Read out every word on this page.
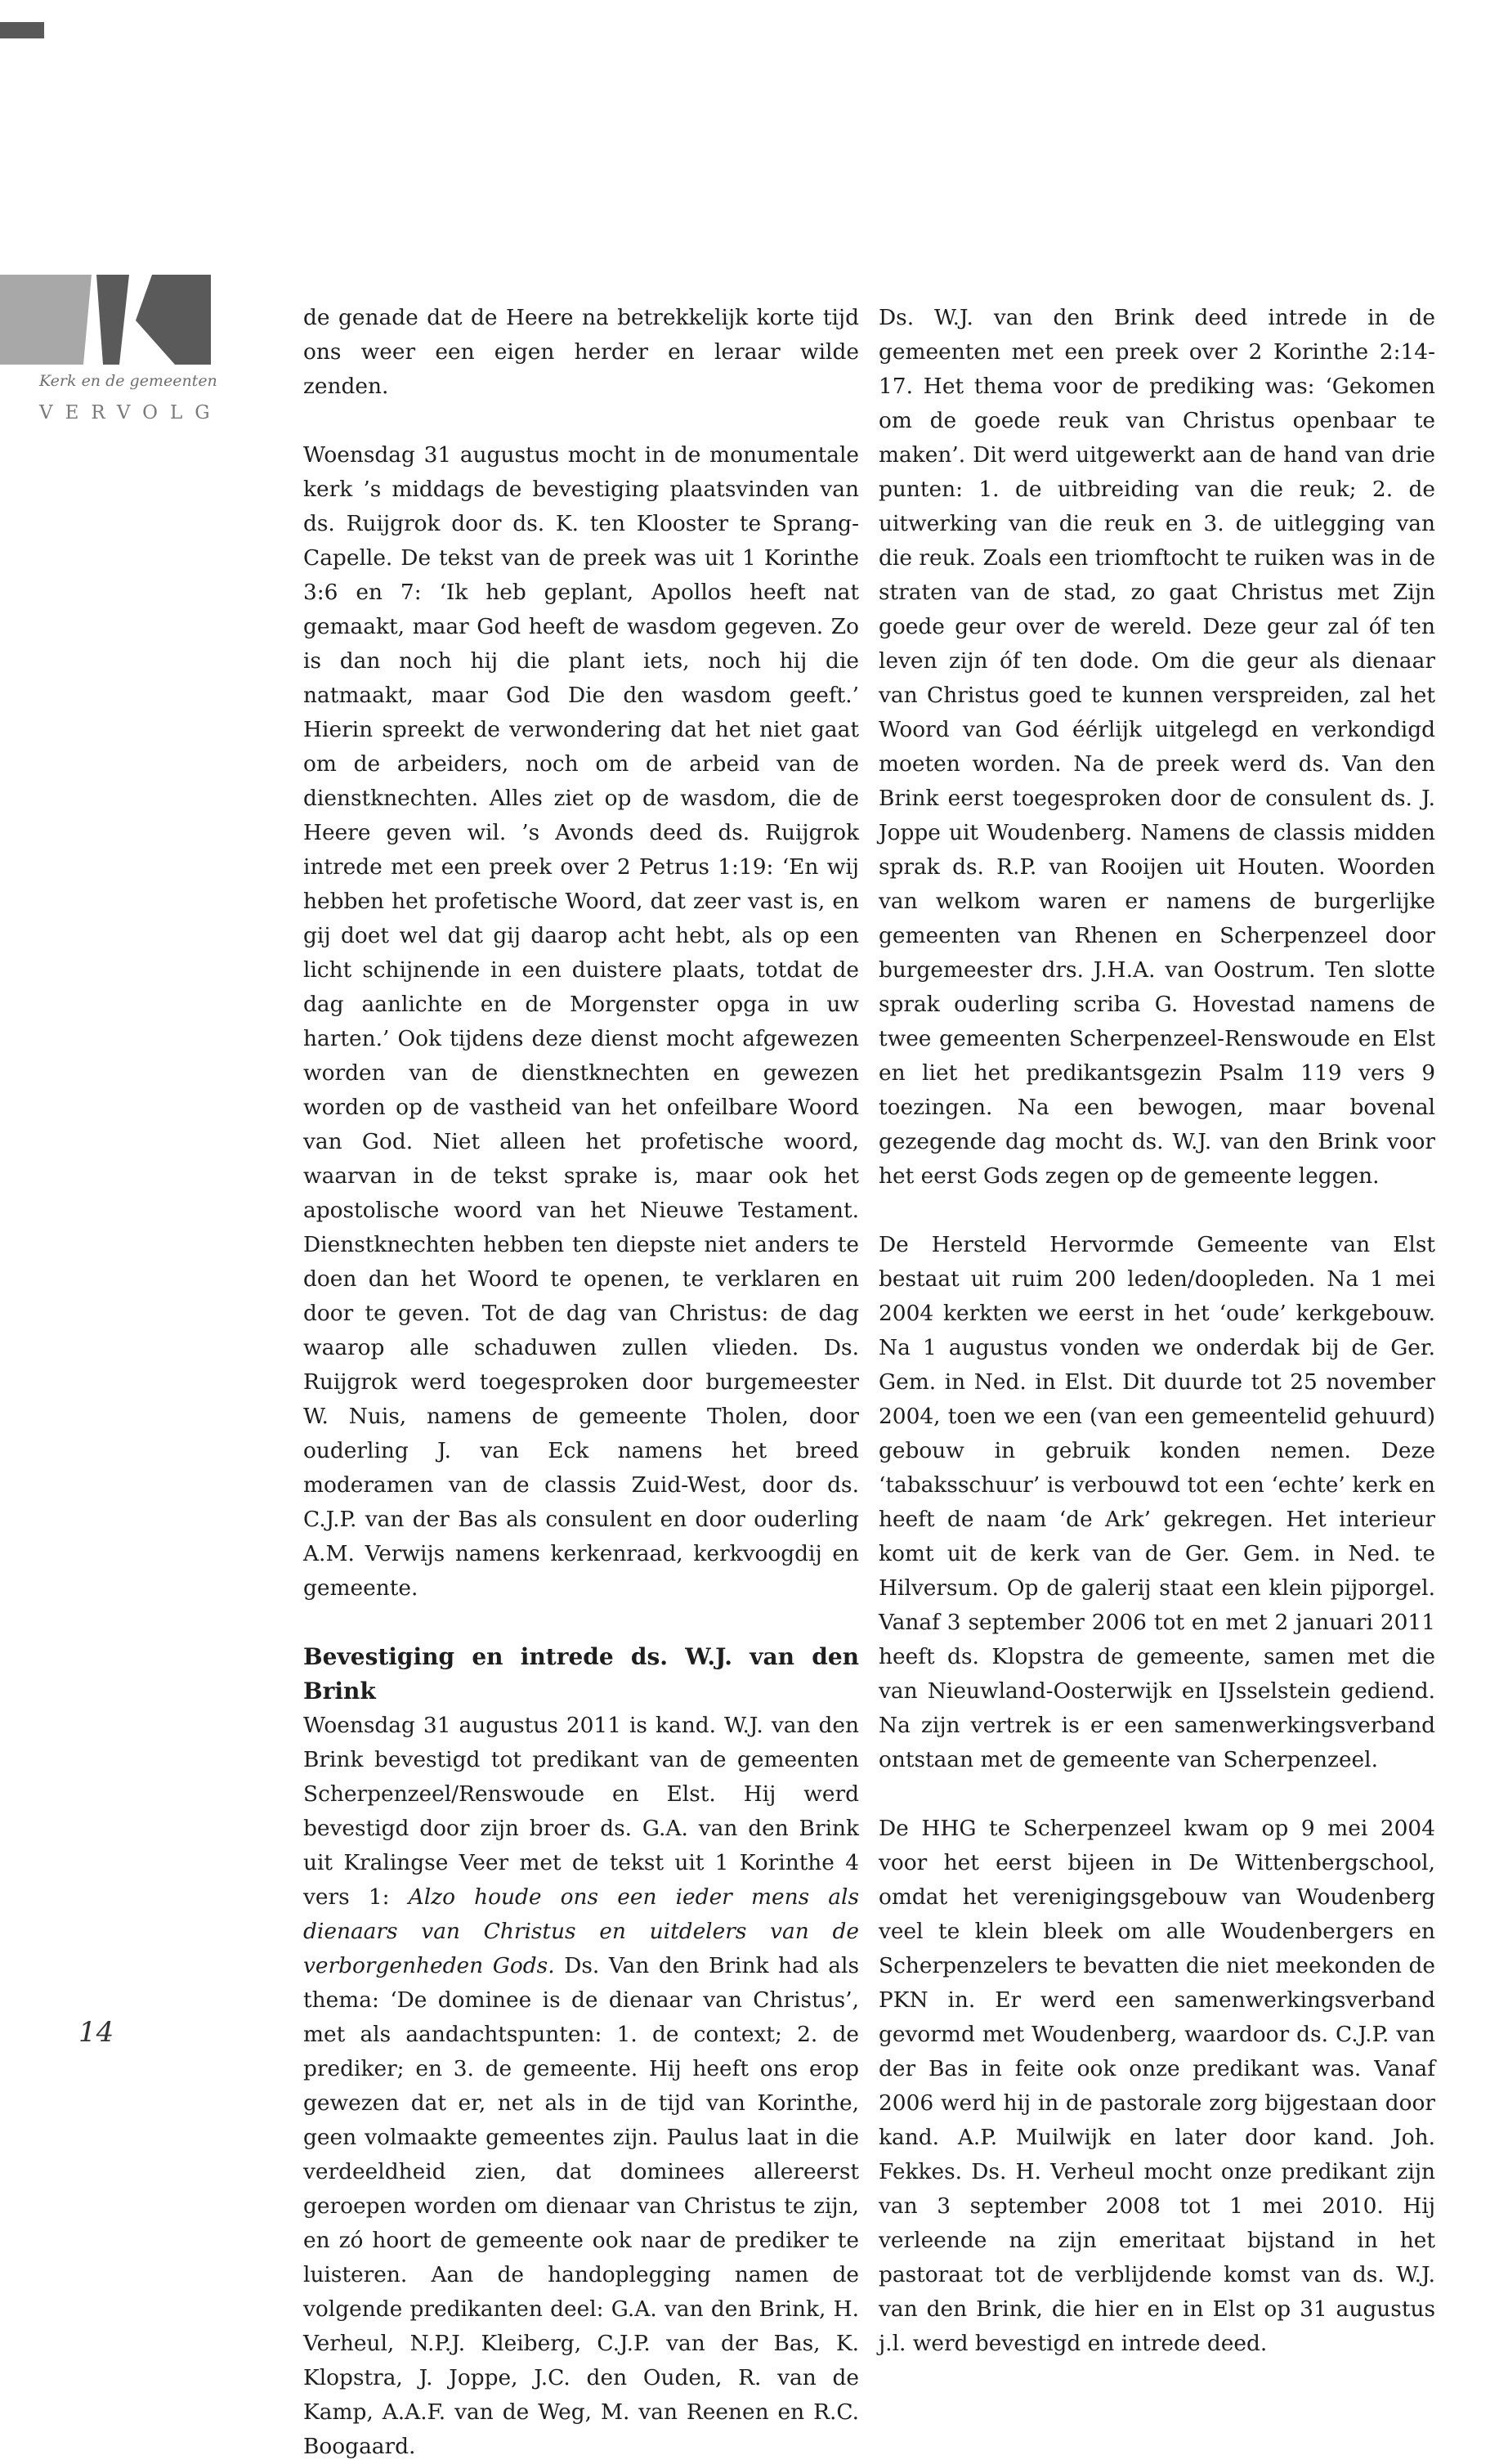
Kerk en de gemeenten
VERVOLG

de genade dat de Heere na betrekkelijk korte tijd ons weer een eigen herder en leraar wilde zenden.

Woensdag 31 augustus mocht in de monumentale kerk ’s middags de bevestiging plaatsvinden van ds. Ruijgrok door ds. K. ten Klooster te Sprang-Capelle. De tekst van de preek was uit 1 Korinthe 3:6 en 7: ‘Ik heb geplant, Apollos heeft nat gemaakt, maar God heeft de wasdom gegeven. Zo is dan noch hij die plant iets, noch hij die natmaakt, maar God Die den wasdom geeft.’ Hierin spreekt de verwondering dat het niet gaat om de arbeiders, noch om de arbeid van de dienstknechten. Alles ziet op de wasdom, die de Heere geven wil. ’s Avonds deed ds. Ruijgrok intrede met een preek over 2 Petrus 1:19: ‘En wij hebben het profetische Woord, dat zeer vast is, en gij doet wel dat gij daarop acht hebt, als op een licht schijnende in een duistere plaats, totdat de dag aanlichte en de Morgenster opga in uw harten.’ Ook tijdens deze dienst mocht afgewezen worden van de dienstknechten en gewezen worden op de vastheid van het onfeilbare Woord van God. Niet alleen het profetische woord, waarvan in de tekst sprake is, maar ook het apostolische woord van het Nieuwe Testament. Dienstknechten hebben ten diepste niet anders te doen dan het Woord te openen, te verklaren en door te geven. Tot de dag van Christus: de dag waarop alle schaduwen zullen vlieden. Ds. Ruijgrok werd toegesproken door burgemeester W. Nuis, namens de gemeente Tholen, door ouderling J. van Eck namens het breed moderamen van de classis Zuid-West, door ds. C.J.P. van der Bas als consulent en door ouderling A.M. Verwijs namens kerkenraad, kerkvoogdij en gemeente.

Bevestiging en intrede ds. W.J. van den Brink

Woensdag 31 augustus 2011 is kand. W.J. van den Brink bevestigd tot predikant van de gemeenten Scherpenzeel/Renswoude en Elst. Hij werd bevestigd door zijn broer ds. G.A. van den Brink uit Kralingse Veer met de tekst uit 1 Korinthe 4 vers 1: Alzo houde ons een ieder mens als dienaars van Christus en uitdelers van de verborgenheden Gods. Ds. Van den Brink had als thema: ‘De dominee is de dienaar van Christus’, met als aandachtspunten: 1. de context; 2. de prediker; en 3. de gemeente. Hij heeft ons erop gewezen dat er, net als in de tijd van Korinthe, geen volmaakte gemeentes zijn. Paulus laat in die verdeeldheid zien, dat dominees allereerst geroepen worden om dienaar van Christus te zijn, en zó hoort de gemeente ook naar de prediker te luisteren. Aan de handoplegging namen de volgende predikanten deel: G.A. van den Brink, H. Verheul, N.P.J. Kleiberg, C.J.P. van der Bas, K. Klopstra, J. Joppe, J.C. den Ouden, R. van de Kamp, A.A.F. van de Weg, M. van Reenen en R.C. Boogaard.

Ds. W.J. van den Brink deed intrede in de gemeenten met een preek over 2 Korinthe 2:14-17. Het thema voor de prediking was: ‘Gekomen om de goede reuk van Christus openbaar te maken’. Dit werd uitgewerkt aan de hand van drie punten: 1. de uitbreiding van die reuk; 2. de uitwerking van die reuk en 3. de uitlegging van die reuk. Zoals een triomftocht te ruiken was in de straten van de stad, zo gaat Christus met Zijn goede geur over de wereld. Deze geur zal óf ten leven zijn óf ten dode. Om die geur als dienaar van Christus goed te kunnen verspreiden, zal het Woord van God éérlijk uitgelegd en verkondigd moeten worden. Na de preek werd ds. Van den Brink eerst toegesproken door de consulent ds. J. Joppe uit Woudenberg. Namens de classis midden sprak ds. R.P. van Rooijen uit Houten. Woorden van welkom waren er namens de burgerlijke gemeenten van Rhenen en Scherpenzeel door burgemeester drs. J.H.A. van Oostrum. Ten slotte sprak ouderling scriba G. Hovestad namens de twee gemeenten Scherpenzeel-Renswoude en Elst en liet het predikantsgezin Psalm 119 vers 9 toezingen. Na een bewogen, maar bovenal gezegende dag mocht ds. W.J. van den Brink voor het eerst Gods zegen op de gemeente leggen.

De Hersteld Hervormde Gemeente van Elst bestaat uit ruim 200 leden/doopleden. Na 1 mei 2004 kerkten we eerst in het ‘oude’ kerkgebouw. Na 1 augustus vonden we onderdak bij de Ger. Gem. in Ned. in Elst. Dit duurde tot 25 november 2004, toen we een (van een gemeentelid gehuurd) gebouw in gebruik konden nemen. Deze ‘tabaksschuur’ is verbouwd tot een ‘echte’ kerk en heeft de naam ‘de Ark’ gekregen. Het interieur komt uit de kerk van de Ger. Gem. in Ned. te Hilversum. Op de galerij staat een klein pijporgel. Vanaf 3 september 2006 tot en met 2 januari 2011 heeft ds. Klopstra de gemeente, samen met die van Nieuwland-Oosterwijk en IJsselstein gediend. Na zijn vertrek is er een samenwerkingsverband ontstaan met de gemeente van Scherpenzeel.

De HHG te Scherpenzeel kwam op 9 mei 2004 voor het eerst bijeen in De Wittenbergschool, omdat het verenigingsgebouw van Woudenberg veel te klein bleek om alle Woudenbergers en Scherpenzelers te bevatten die niet meekonden de PKN in. Er werd een samenwerkingsverband gevormd met Woudenberg, waardoor ds. C.J.P. van der Bas in feite ook onze predikant was. Vanaf 2006 werd hij in de pastorale zorg bijgestaan door kand. A.P. Muilwijk en later door kand. Joh. Fekkes. Ds. H. Verheul mocht onze predikant zijn van 3 september 2008 tot 1 mei 2010. Hij verleende na zijn emeritaat bijstand in het pastoraat tot de verblijdende komst van ds. W.J. van den Brink, die hier en in Elst op 31 augustus j.l. werd bevestigd en intrede deed.

14
